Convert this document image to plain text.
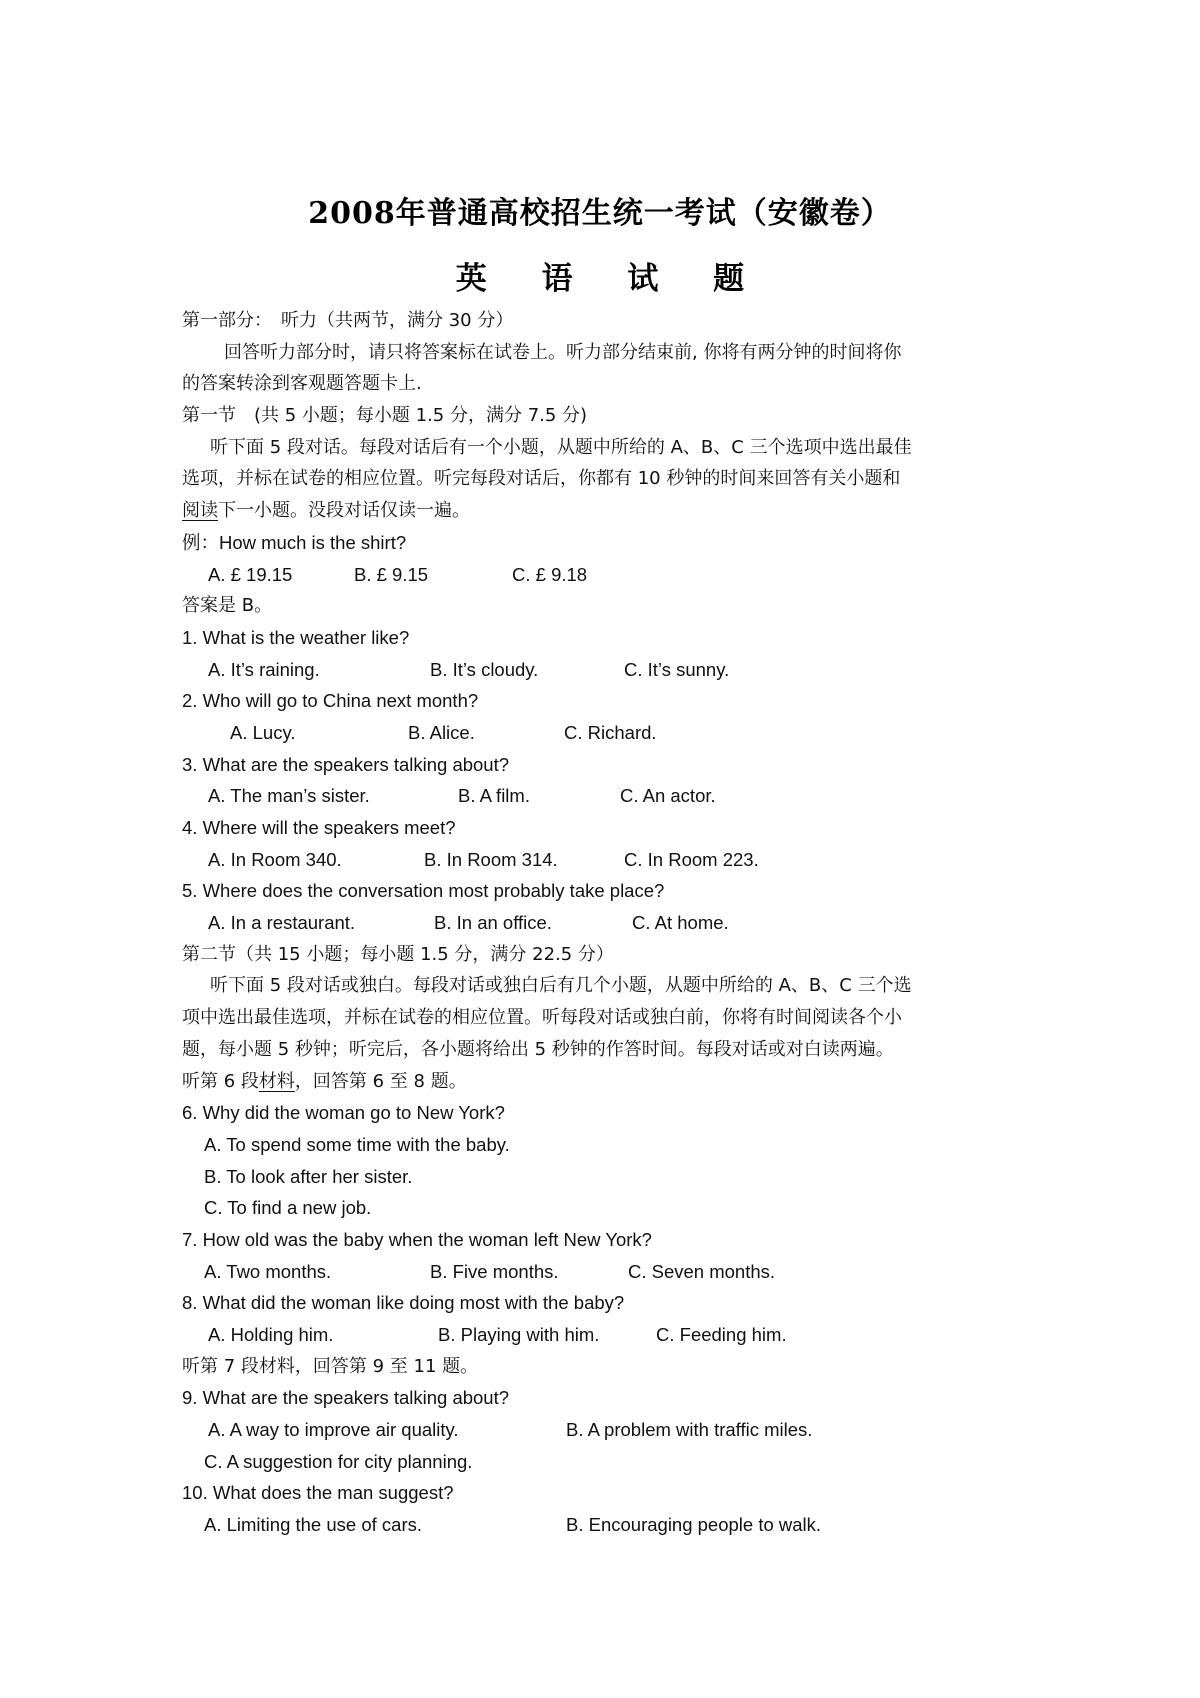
2008年普通高校招生统一考试（安徽卷）
英 语 试 题
第一部分：　听力（共两节，满分 30 分）
回答听力部分时，请只将答案标在试卷上。听力部分结束前, 你将有两分钟的时间将你
的答案转涂到客观题答题卡上.
第一节　(共 5 小题；每小题 1.5 分，满分 7.5 分)
听下面 5 段对话。每段对话后有一个小题，从题中所给的 A、B、C 三个选项中选出最佳
选项，并标在试卷的相应位置。听完每段对话后，你都有 10 秒钟的时间来回答有关小题和
阅读下一小题。没段对话仅读一遍。
例：How much is the shirt?
A. £ 19.15	B. £ 9.15	C. £ 9.18
答案是 B。
1. What is the weather like?
A. It’s raining.	B. It’s cloudy.	C. It’s sunny.
2. Who will go to China next month?
A. Lucy.	B. Alice.	C. Richard.
3. What are the speakers talking about?
A. The man’s sister.	B. A film.	C. An actor.
4. Where will the speakers meet?
A. In Room 340.	B. In Room 314.	C. In Room 223.
5. Where does the conversation most probably take place?
A. In a restaurant.	B. In an office.	C. At home.
第二节（共 15 小题；每小题 1.5 分，满分 22.5 分）
听下面 5 段对话或独白。每段对话或独白后有几个小题，从题中所给的 A、B、C 三个选
项中选出最佳选项，并标在试卷的相应位置。听每段对话或独白前，你将有时间阅读各个小
题，每小题 5 秒钟；听完后，各小题将给出 5 秒钟的作答时间。每段对话或对白读两遍。
听第 6 段材料，回答第 6 至 8 题。
6. Why did the woman go to New York?
A. To spend some time with the baby.
B. To look after her sister.
C. To find a new job.
7. How old was the baby when the woman left New York?
A. Two months.	B. Five months.	C. Seven months.
8. What did the woman like doing most with the baby?
A. Holding him.	B. Playing with him.	C. Feeding him.
听第 7 段材料，回答第 9 至 11 题。
9. What are the speakers talking about?
A. A way to improve air quality.	B. A problem with traffic miles.
C. A suggestion for city planning.
10. What does the man suggest?
A. Limiting the use of cars.	B. Encouraging people to walk.
